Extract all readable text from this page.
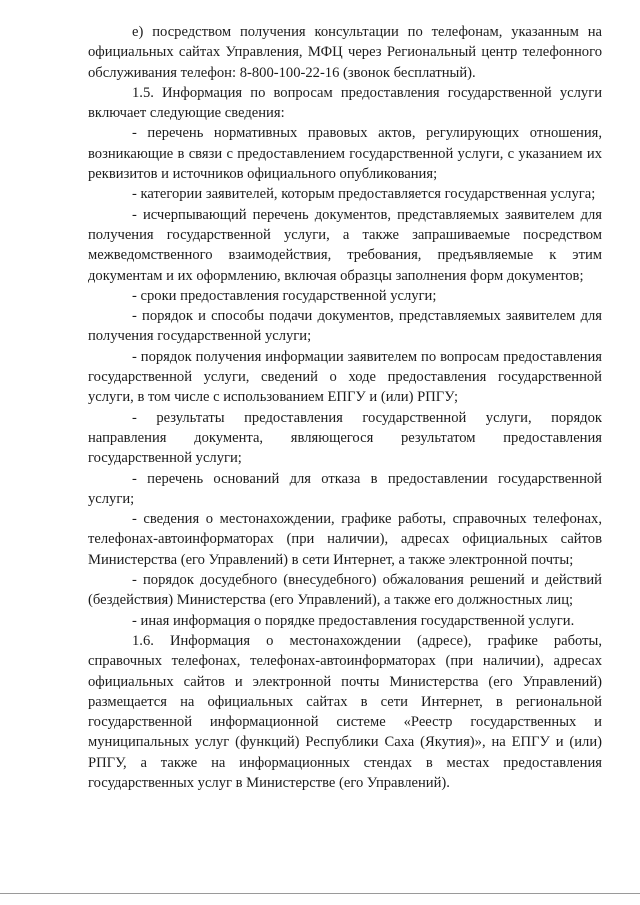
е) посредством получения консультации по телефонам, указанным на официальных сайтах Управления, МФЦ через Региональный центр телефонного обслуживания телефон: 8-800-100-22-16 (звонок бесплатный).

1.5. Информация по вопросам предоставления государственной услуги включает следующие сведения:

- перечень нормативных правовых актов, регулирующих отношения, возникающие в связи с предоставлением государственной услуги, с указанием их реквизитов и источников официального опубликования;

- категории заявителей, которым предоставляется государственная услуга;

- исчерпывающий перечень документов, представляемых заявителем для получения государственной услуги, а также запрашиваемые посредством межведомственного взаимодействия, требования, предъявляемые к этим документам и их оформлению, включая образцы заполнения форм документов;

- сроки предоставления государственной услуги;

- порядок и способы подачи документов, представляемых заявителем для получения государственной услуги;

- порядок получения информации заявителем по вопросам предоставления государственной услуги, сведений о ходе предоставления государственной услуги, в том числе с использованием ЕПГУ и (или) РПГУ;

- результаты предоставления государственной услуги, порядок направления документа, являющегося результатом предоставления государственной услуги;

- перечень оснований для отказа в предоставлении государственной услуги;

- сведения о местонахождении, графике работы, справочных телефонах, телефонах-автоинформаторах (при наличии), адресах официальных сайтов Министерства (его Управлений) в сети Интернет, а также электронной почты;

- порядок досудебного (внесудебного) обжалования решений и действий (бездействия) Министерства (его Управлений), а также его должностных лиц;

- иная информация о порядке предоставления государственной услуги.

1.6. Информация о местонахождении (адресе), графике работы, справочных телефонах, телефонах-автоинформаторах (при наличии), адресах официальных сайтов и электронной почты Министерства (его Управлений) размещается на официальных сайтах в сети Интернет, в региональной государственной информационной системе «Реестр государственных и муниципальных услуг (функций) Республики Саха (Якутия)», на ЕПГУ и (или) РПГУ, а также на информационных стендах в местах предоставления государственных услуг в Министерстве (его Управлений).
